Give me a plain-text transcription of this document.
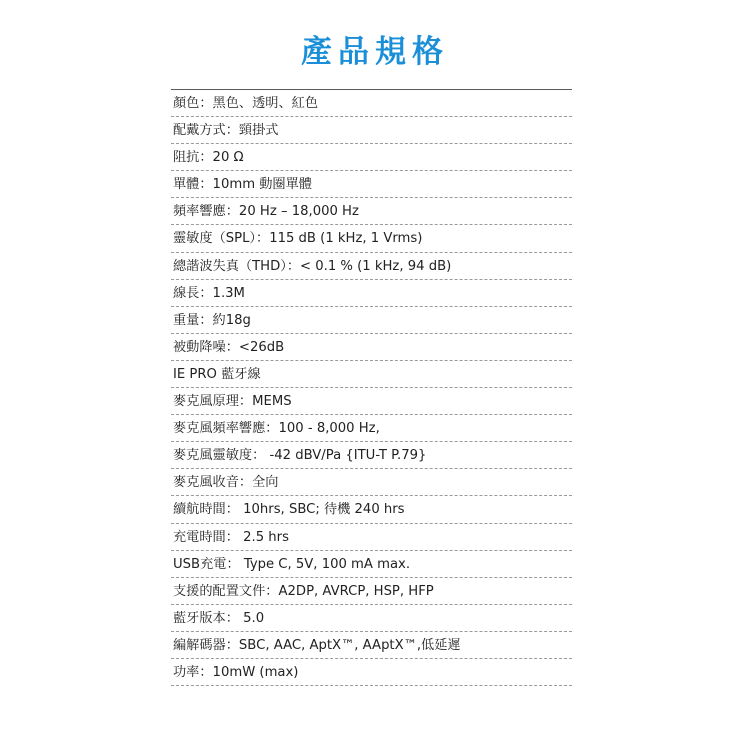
產品規格
顏色：黑色、透明、紅色
配戴方式：頸掛式
阻抗：20 Ω
單體：10mm 動圈單體
頻率響應：20 Hz – 18,000 Hz
靈敏度（SPL）：115 dB (1 kHz, 1 Vrms)
總諧波失真（THD）：< 0.1 % (1 kHz, 94 dB)
線長：1.3M
重量：約18g
被動降噪：<26dB
IE PRO 藍牙線
麥克風原理：MEMS
麥克風頻率響應：100 - 8,000 Hz,
麥克風靈敏度： -42 dBV/Pa {ITU-T P.79}
麥克風收音：全向
續航時間： 10hrs, SBC; 待機 240 hrs
充電時間： 2.5 hrs
USB充電： Type C, 5V, 100 mA max.
支援的配置文件：A2DP, AVRCP, HSP, HFP
藍牙版本： 5.0
編解碼器：SBC, AAC, AptX™, AAptX™,低延遲
功率：10mW (max)
